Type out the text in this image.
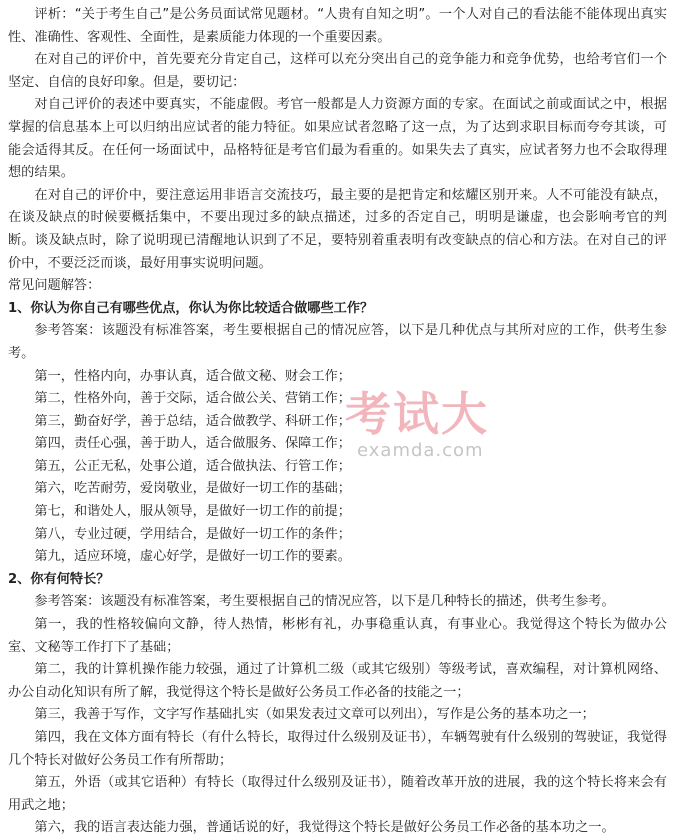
评析：“关于考生自己”是公务员面试常见题材。“人贵有自知之明”。一个人对自己的看法能不能体现出真实性、准确性、客观性、全面性，是素质能力体现的一个重要因素。

在对自己的评价中，首先要充分肯定自己，这样可以充分突出自己的竞争能力和竞争优势，也给考官们一个坚定、自信的良好印象。但是，要切记：

对自己评价的表述中要真实，不能虚假。考官一般都是人力资源方面的专家。在面试之前或面试之中，根据掌握的信息基本上可以归纳出应试者的能力特征。如果应试者忽略了这一点，为了达到求职目标而夸夸其谈，可能会适得其反。在任何一场面试中，品格特征是考官们最为看重的。如果失去了真实，应试者努力也不会取得理想的结果。

在对自己的评价中，要注意运用非语言交流技巧，最主要的是把肯定和炫耀区别开来。人不可能没有缺点，在谈及缺点的时候要概括集中，不要出现过多的缺点描述，过多的否定自己，明明是谦虚，也会影响考官的判断。谈及缺点时，除了说明现已清醒地认识到了不足，要特别着重表明有改变缺点的信心和方法。在对自己的评价中，不要泛泛而谈，最好用事实说明问题。

常见问题解答：

1、你认为你自己有哪些优点，你认为你比较适合做哪些工作？

参考答案：该题没有标准答案，考生要根据自己的情况应答，以下是几种优点与其所对应的工作，供考生参考。

第一，性格内向，办事认真，适合做文秘、财会工作；

第二，性格外向，善于交际，适合做公关、营销工作；

第三，勤奋好学，善于总结，适合做教学、科研工作；

第四，责任心强，善于助人，适合做服务、保障工作；

第五，公正无私，处事公道，适合做执法、行管工作；

第六，吃苦耐劳，爱岗敬业，是做好一切工作的基础；

第七，和谐处人，服从领导，是做好一切工作的前提；

第八，专业过硬，学用结合，是做好一切工作的条件；

第九，适应环境，虚心好学，是做好一切工作的要素。

2、你有何特长？

参考答案：该题没有标准答案，考生要根据自己的情况应答，以下是几种特长的描述，供考生参考。

第一，我的性格较偏向文静，待人热情，彬彬有礼，办事稳重认真，有事业心。我觉得这个特长为做办公室、文秘等工作打下了基础；

第二，我的计算机操作能力较强，通过了计算机二级（或其它级别）等级考试，喜欢编程，对计算机网络、办公自动化知识有所了解，我觉得这个特长是做好公务员工作必备的技能之一；

第三，我善于写作，文字写作基础扎实（如果发表过文章可以列出），写作是公务的基本功之一；

第四，我在文体方面有特长（有什么特长，取得过什么级别及证书），车辆驾驶有什么级别的驾驶证，我觉得几个特长对做好公务员工作有所帮助；

第五，外语（或其它语种）有特长（取得过什么级别及证书），随着改革开放的进展，我的这个特长将来会有用武之地；

第六，我的语言表达能力强，普通话说的好，我觉得这个特长是做好公务员工作必备的基本功之一。

考试大
examda.com
